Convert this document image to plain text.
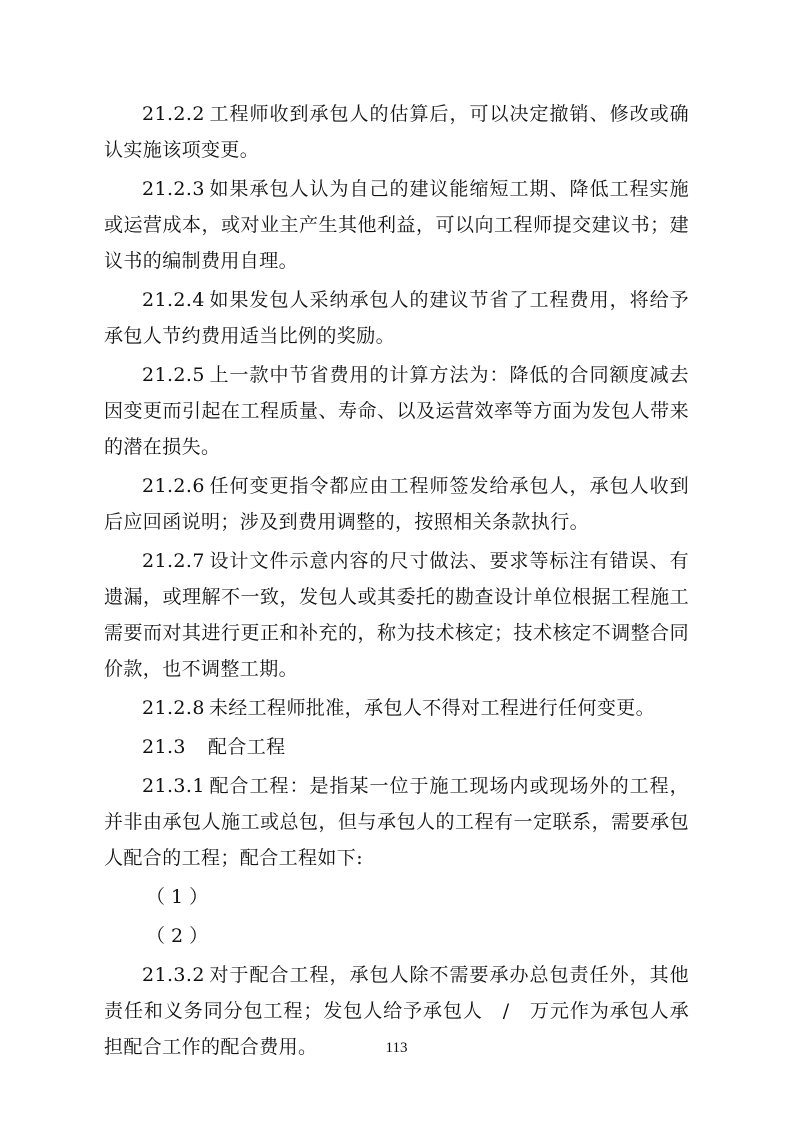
21.2.2 工程师收到承包人的估算后，可以决定撤销、修改或确认实施该项变更。

21.2.3 如果承包人认为自己的建议能缩短工期、降低工程实施或运营成本，或对业主产生其他利益，可以向工程师提交建议书；建议书的编制费用自理。

21.2.4 如果发包人采纳承包人的建议节省了工程费用，将给予承包人节约费用适当比例的奖励。

21.2.5 上一款中节省费用的计算方法为：降低的合同额度减去因变更而引起在工程质量、寿命、以及运营效率等方面为发包人带来的潜在损失。

21.2.6 任何变更指令都应由工程师签发给承包人，承包人收到后应回函说明；涉及到费用调整的，按照相关条款执行。

21.2.7 设计文件示意内容的尺寸做法、要求等标注有错误、有遗漏，或理解不一致，发包人或其委托的勘查设计单位根据工程施工需要而对其进行更正和补充的，称为技术核定；技术核定不调整合同价款，也不调整工期。

21.2.8 未经工程师批准，承包人不得对工程进行任何变更。

21.3 配合工程

21.3.1 配合工程：是指某一位于施工现场内或现场外的工程，并非由承包人施工或总包，但与承包人的工程有一定联系，需要承包人配合的工程；配合工程如下:

（1）

（2）

21.3.2 对于配合工程，承包人除不需要承办总包责任外，其他责任和义务同分包工程；发包人给予承包人　/　万元作为承包人承担配合工作的配合费用。	113
